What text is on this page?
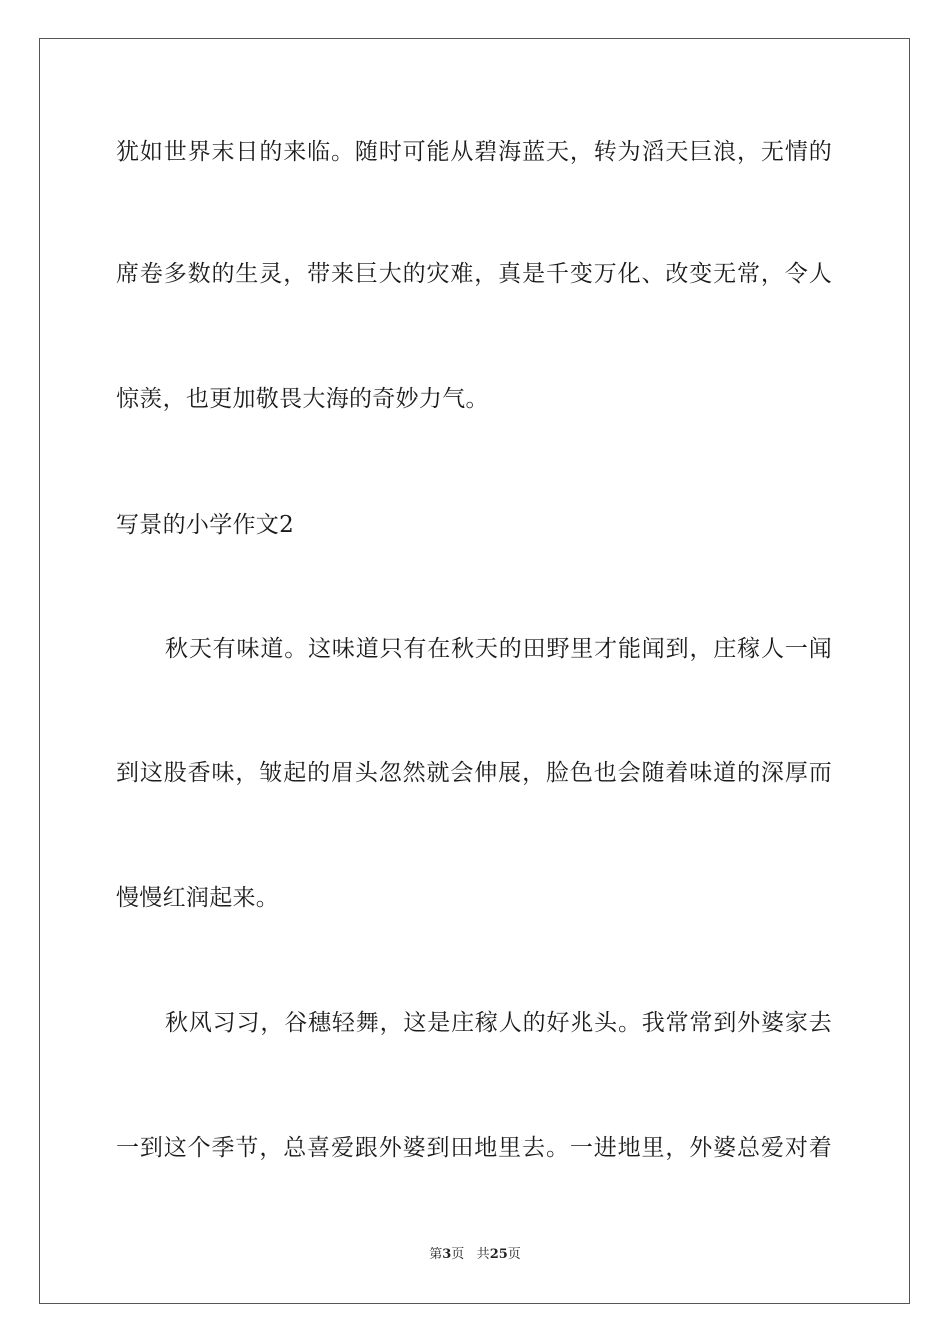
犹如世界末日的来临。随时可能从碧海蓝天，转为滔天巨浪，无情的
席卷多数的生灵，带来巨大的灾难，真是千变万化、改变无常，令人
惊羡，也更加敬畏大海的奇妙力气。
写景的小学作文2
秋天有味道。这味道只有在秋天的田野里才能闻到，庄稼人一闻
到这股香味，皱起的眉头忽然就会伸展，脸色也会随着味道的深厚而
慢慢红润起来。
秋风习习，谷穗轻舞，这是庄稼人的好兆头。我常常到外婆家去
一到这个季节，总喜爱跟外婆到田地里去。一进地里，外婆总爱对着
第3页 共25页
